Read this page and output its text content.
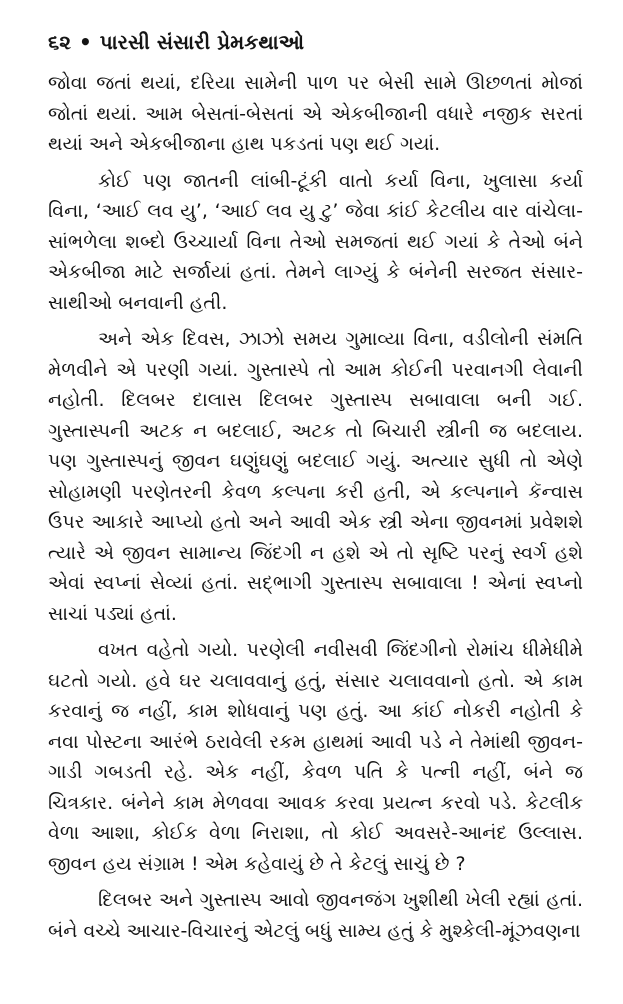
૬૨ • પારસી સંસારી પ્રેમકથાઓ

જોવા જતાં થયાં, દરિયા સામેની પાળ પર બેસી સામે ઊછળતાં મોજાં જોતાં થયાં. આમ બેસતાં-બેસતાં એ એકબીજાની વધારે નજીક સરતાં થયાં અને એકબીજાના હાથ પકડતાં પણ થઈ ગયાં.

કોઈ પણ જાતની લાંબી-ટૂંકી વાતો કર્યા વિના, ખુલાસા કર્યા વિના, ‘આઈ લવ યુ’, ‘આઈ લવ યુ ટુ’ જેવા કાંઈ કેટલીય વાર વાંચેલા-સાંભળેલા શબ્દો ઉચ્ચાર્યા વિના તેઓ સમજતાં થઈ ગયાં કે તેઓ બંને એકબીજા માટે સર્જાયાં હતાં. તેમને લાગ્યું કે બંનેની સરજત સંસાર-સાથીઓ બનવાની હતી.

અને એક દિવસ, ઝાઝો સમય ગુમાવ્યા વિના, વડીલોની સંમતિ મેળવીને એ પરણી ગયાં. ગુસ્તાસ્પે તો આમ કોઈની પરવાનગી લેવાની નહોતી. દિલબર દાલાસ દિલબર ગુસ્તાસ્પ સબાવાલા બની ગઈ. ગુસ્તાસ્પની અટક ન બદલાઈ, અટક તો બિચારી સ્ત્રીની જ બદલાય. પણ ગુસ્તાસ્પનું જીવન ઘણુંઘણું બદલાઈ ગયું. અત્યાર સુધી તો એણે સોહામણી પરણેતરની કેવળ કલ્પના કરી હતી, એ કલ્પનાને કૅન્વાસ ઉપર આકારે આપ્યો હતો અને આવી એક સ્ત્રી એના જીવનમાં પ્રવેશશે ત્યારે એ જીવન સામાન્ય જિંદગી ન હશે એ તો સૃષ્ટિ પરનું સ્વર્ગ હશે એવાં સ્વપ્નાં સેવ્યાં હતાં. સદ્‌ભાગી ગુસ્તાસ્પ સબાવાલા ! એનાં સ્વપ્નો સાચાં પડ્યાં હતાં.

વખત વહેતો ગયો. પરણેલી નવીસવી જિંદગીનો રોમાંચ ધીમેધીમે ઘટતો ગયો. હવે ઘર ચલાવવાનું હતું, સંસાર ચલાવવાનો હતો. એ કામ કરવાનું જ નહીં, કામ શોધવાનું પણ હતું. આ કાંઈ નોકરી નહોતી કે નવા પોસ્ટના આરંભે ઠરાવેલી રકમ હાથમાં આવી પડે ને તેમાંથી જીવન-ગાડી ગબડતી રહે. એક નહીં, કેવળ પતિ કે પત્ની નહીં, બંને જ ચિત્રકાર. બંનેને કામ મેળવવા આવક કરવા પ્રયત્ન કરવો પડે. કેટલીક વેળા આશા, કોઈક વેળા નિરાશા, તો કોઈ અવસરે-આનંદ ઉલ્લાસ. જીવન હય સંગ્રામ ! એમ કહેવાયું છે તે કેટલું સાચું છે ?

દિલબર અને ગુસ્તાસ્પ આવો જીવનજંગ ખુશીથી ખેલી રહ્યાં હતાં. બંને વચ્ચે આચાર-વિચારનું એટલું બધું સામ્ય હતું કે મુશ્કેલી-મૂંઝવણના
